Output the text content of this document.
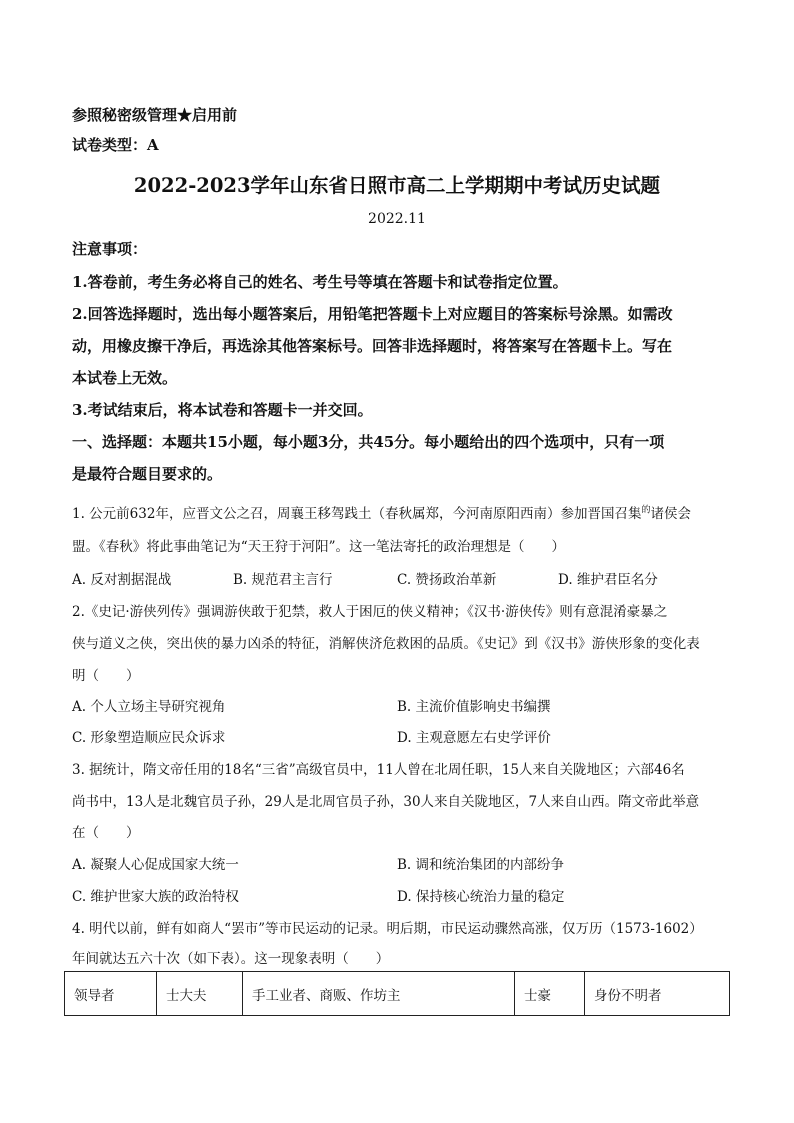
参照秘密级管理★启用前
试卷类型：A
2022-2023学年山东省日照市高二上学期期中考试历史试题
2022.11
注意事项：
1.答卷前，考生务必将自己的姓名、考生号等填在答题卡和试卷指定位置。
2.回答选择题时，选出每小题答案后，用铅笔把答题卡上对应题目的答案标号涂黑。如需改
动，用橡皮擦干净后，再选涂其他答案标号。回答非选择题时，将答案写在答题卡上。写在
本试卷上无效。
3.考试结束后，将本试卷和答题卡一并交回。
一、选择题：本题共15小题，每小题3分，共45分。每小题给出的四个选项中，只有一项
是最符合题目要求的。
1. 公元前632年，应晋文公之召，周襄王移驾践土（春秋属郑，今河南原阳西南）参加晋国召集$^的$诸侯会
盟。《春秋》将此事曲笔记为“天王狩于河阳”。这一笔法寄托的政治理想是（　　）
A. 反对割据混战	B. 规范君主言行	C. 赞扬政治革新	D. 维护君臣名分
2.《史记·游侠列传》强调游侠敢于犯禁，救人于困厄的侠义精神；《汉书·游侠传》则有意混淆豪暴之
侠与道义之侠，突出侠的暴力凶杀的特征，消解侠济危救困的品质。《史记》到《汉书》游侠形象的变化表
明（　　）
A. 个人立场主导研究视角	B. 主流价值影响史书编撰
C. 形象塑造顺应民众诉求	D. 主观意愿左右史学评价
3. 据统计，隋文帝任用的18名“三省”高级官员中，11人曾在北周任职，15人来自关陇地区；六部46名
尚书中，13人是北魏官员子孙，29人是北周官员子孙，30人来自关陇地区，7人来自山西。隋文帝此举意
在（　　）
A. 凝聚人心促成国家大统一	B. 调和统治集团的内部纷争
C. 维护世家大族的政治特权	D. 保持核心统治力量的稳定
4. 明代以前，鲜有如商人“罢市”等市民运动的记录。明后期，市民运动骤然高涨，仅万历（1573-1602）
年间就达五六十次（如下表）。这一现象表明（　　）
领导者	士大夫	手工业者、商贩、作坊主	士豪	身份不明者
